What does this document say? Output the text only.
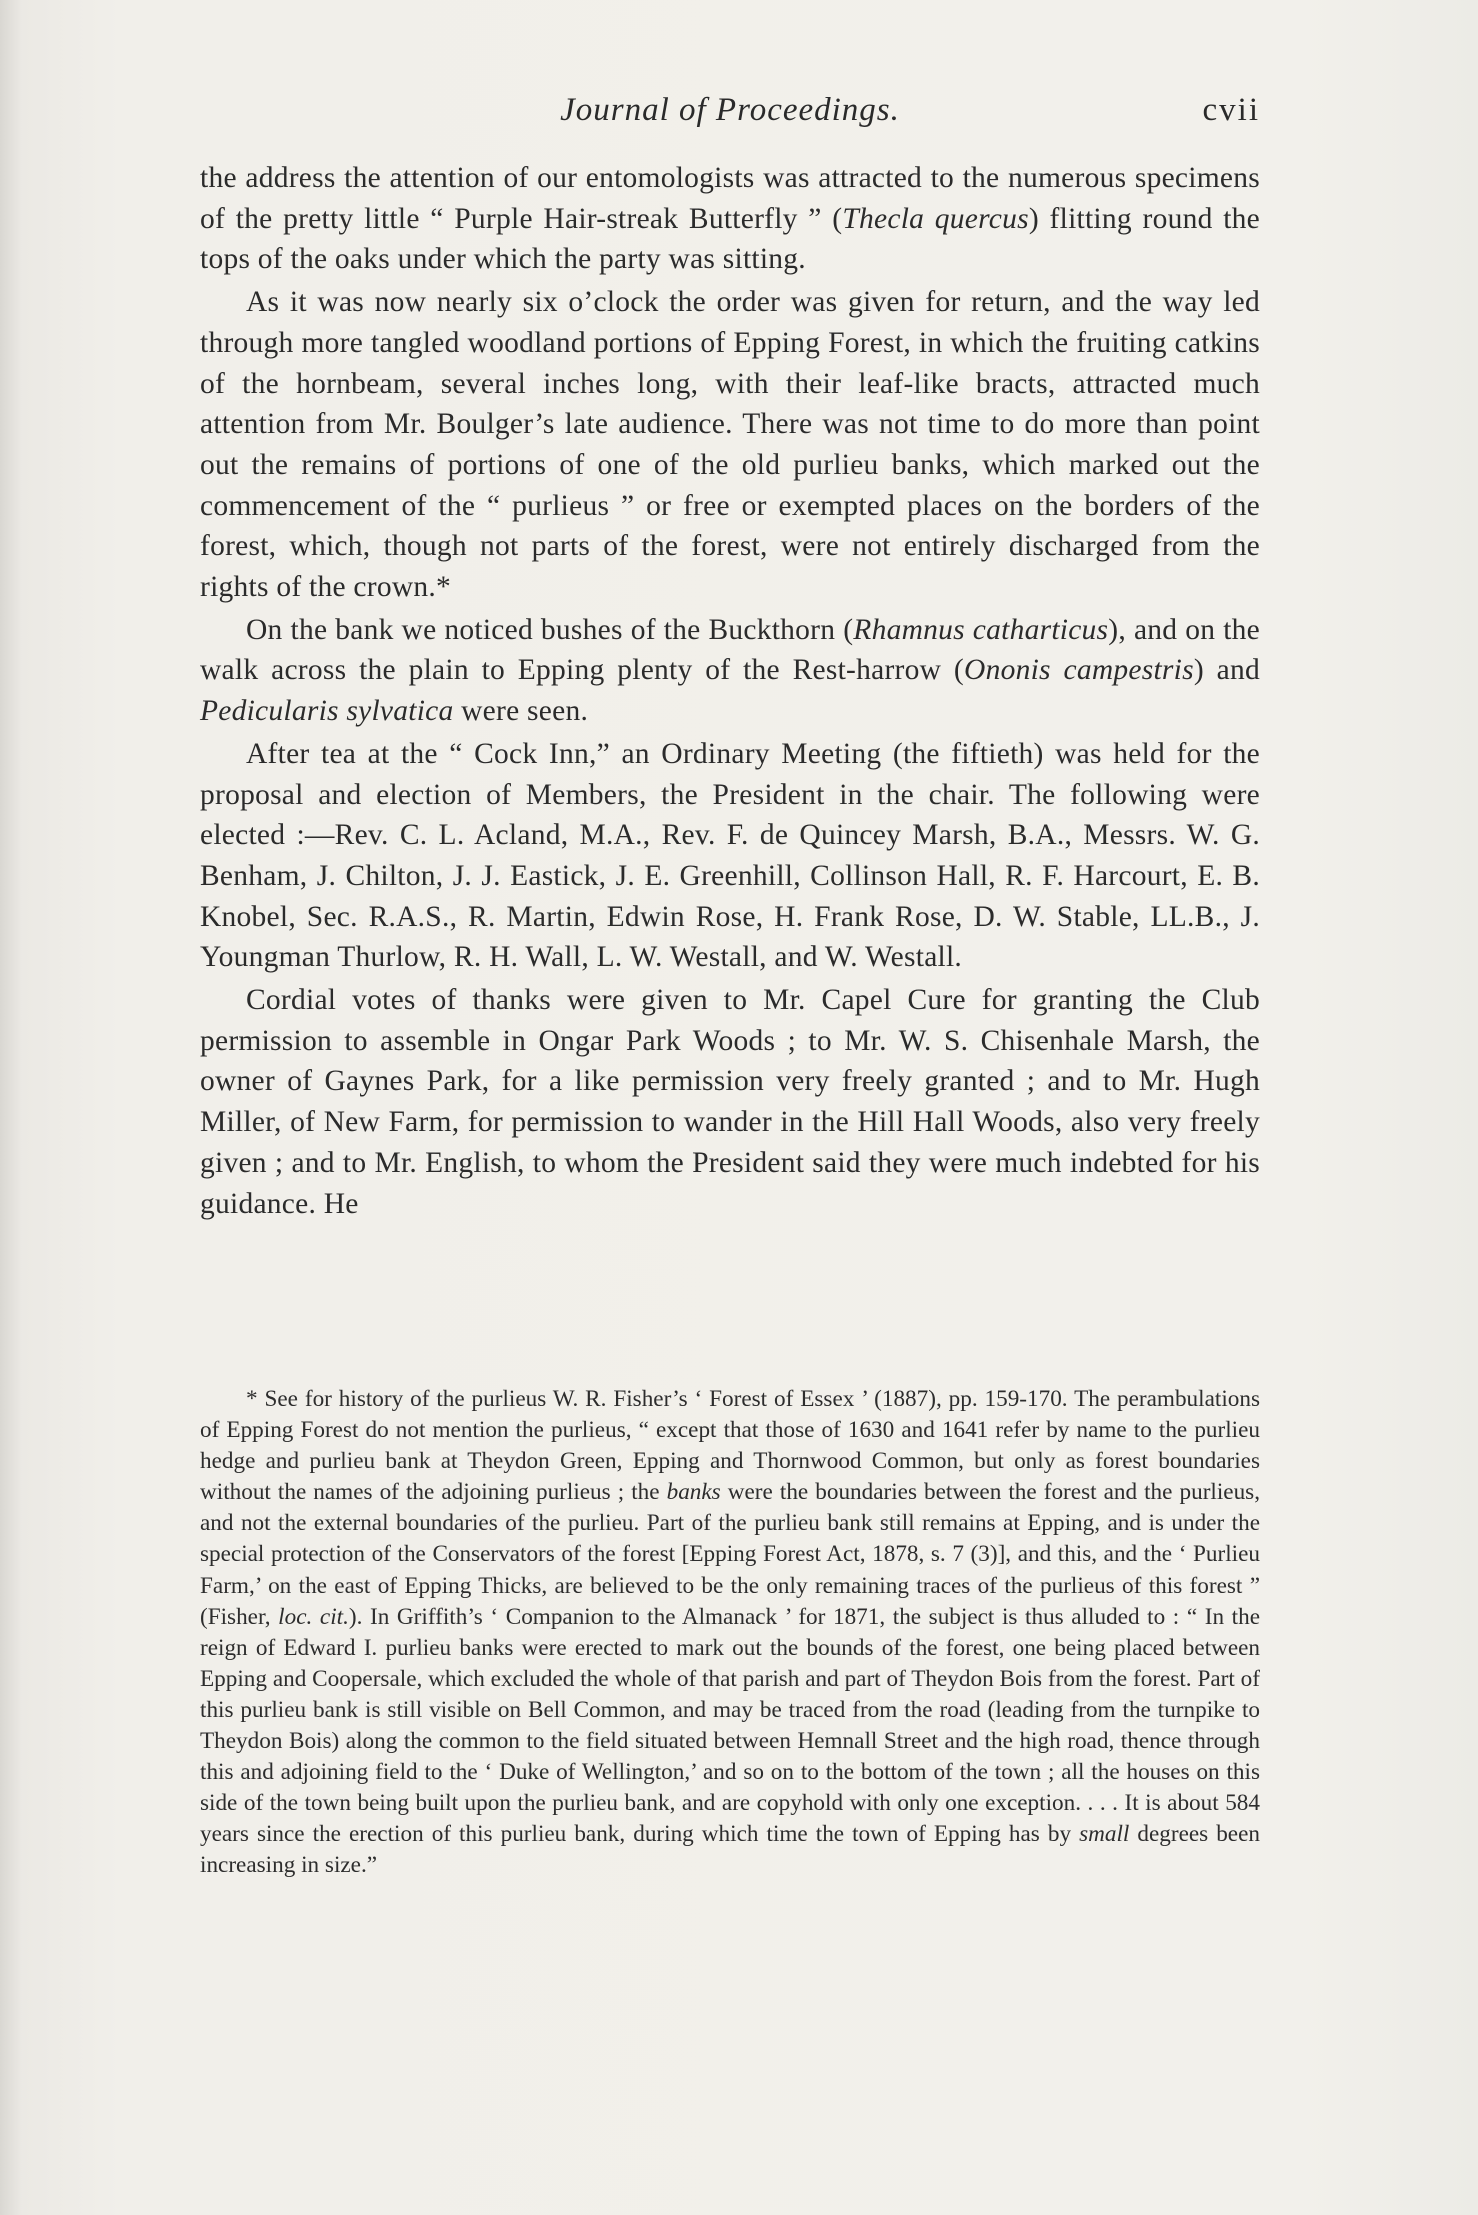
Journal of Proceedings.	cvii

the address the attention of our entomologists was attracted to the numerous specimens of the pretty little “ Purple Hair-streak Butterfly ” (Thecla quercus) flitting round the tops of the oaks under which the party was sitting.

As it was now nearly six o’clock the order was given for return, and the way led through more tangled woodland portions of Epping Forest, in which the fruiting catkins of the hornbeam, several inches long, with their leaf-like bracts, attracted much attention from Mr. Boulger’s late audience. There was not time to do more than point out the remains of portions of one of the old purlieu banks, which marked out the commencement of the “ purlieus ” or free or exempted places on the borders of the forest, which, though not parts of the forest, were not entirely discharged from the rights of the crown.*

On the bank we noticed bushes of the Buckthorn (Rhamnus catharticus), and on the walk across the plain to Epping plenty of the Rest-harrow (Ononis campestris) and Pedicularis sylvatica were seen.

After tea at the “ Cock Inn,” an Ordinary Meeting (the fiftieth) was held for the proposal and election of Members, the President in the chair. The following were elected :—Rev. C. L. Acland, M.A., Rev. F. de Quincey Marsh, B.A., Messrs. W. G. Benham, J. Chilton, J. J. Eastick, J. E. Greenhill, Collinson Hall, R. F. Harcourt, E. B. Knobel, Sec. R.A.S., R. Martin, Edwin Rose, H. Frank Rose, D. W. Stable, LL.B., J. Youngman Thurlow, R. H. Wall, L. W. Westall, and W. Westall.

Cordial votes of thanks were given to Mr. Capel Cure for granting the Club permission to assemble in Ongar Park Woods ; to Mr. W. S. Chisenhale Marsh, the owner of Gaynes Park, for a like permission very freely granted ; and to Mr. Hugh Miller, of New Farm, for permission to wander in the Hill Hall Woods, also very freely given ; and to Mr. English, to whom the President said they were much indebted for his guidance. He

* See for history of the purlieus W. R. Fisher’s ‘ Forest of Essex ’ (1887), pp. 159-170. The perambulations of Epping Forest do not mention the purlieus, “ except that those of 1630 and 1641 refer by name to the purlieu hedge and purlieu bank at Theydon Green, Epping and Thornwood Common, but only as forest boundaries without the names of the adjoining purlieus ; the banks were the boundaries between the forest and the purlieus, and not the external boundaries of the purlieu. Part of the purlieu bank still remains at Epping, and is under the special protection of the Conservators of the forest [Epping Forest Act, 1878, s. 7 (3)], and this, and the ‘ Purlieu Farm,’ on the east of Epping Thicks, are believed to be the only remaining traces of the purlieus of this forest ” (Fisher, loc. cit.). In Griffith’s ‘ Companion to the Almanack ’ for 1871, the subject is thus alluded to : “ In the reign of Edward I. purlieu banks were erected to mark out the bounds of the forest, one being placed between Epping and Coopersale, which excluded the whole of that parish and part of Theydon Bois from the forest. Part of this purlieu bank is still visible on Bell Common, and may be traced from the road (leading from the turnpike to Theydon Bois) along the common to the field situated between Hemnall Street and the high road, thence through this and adjoining field to the ‘ Duke of Wellington,’ and so on to the bottom of the town ; all the houses on this side of the town being built upon the purlieu bank, and are copyhold with only one exception. . . . It is about 584 years since the erection of this purlieu bank, during which time the town of Epping has by small degrees been increasing in size.”
